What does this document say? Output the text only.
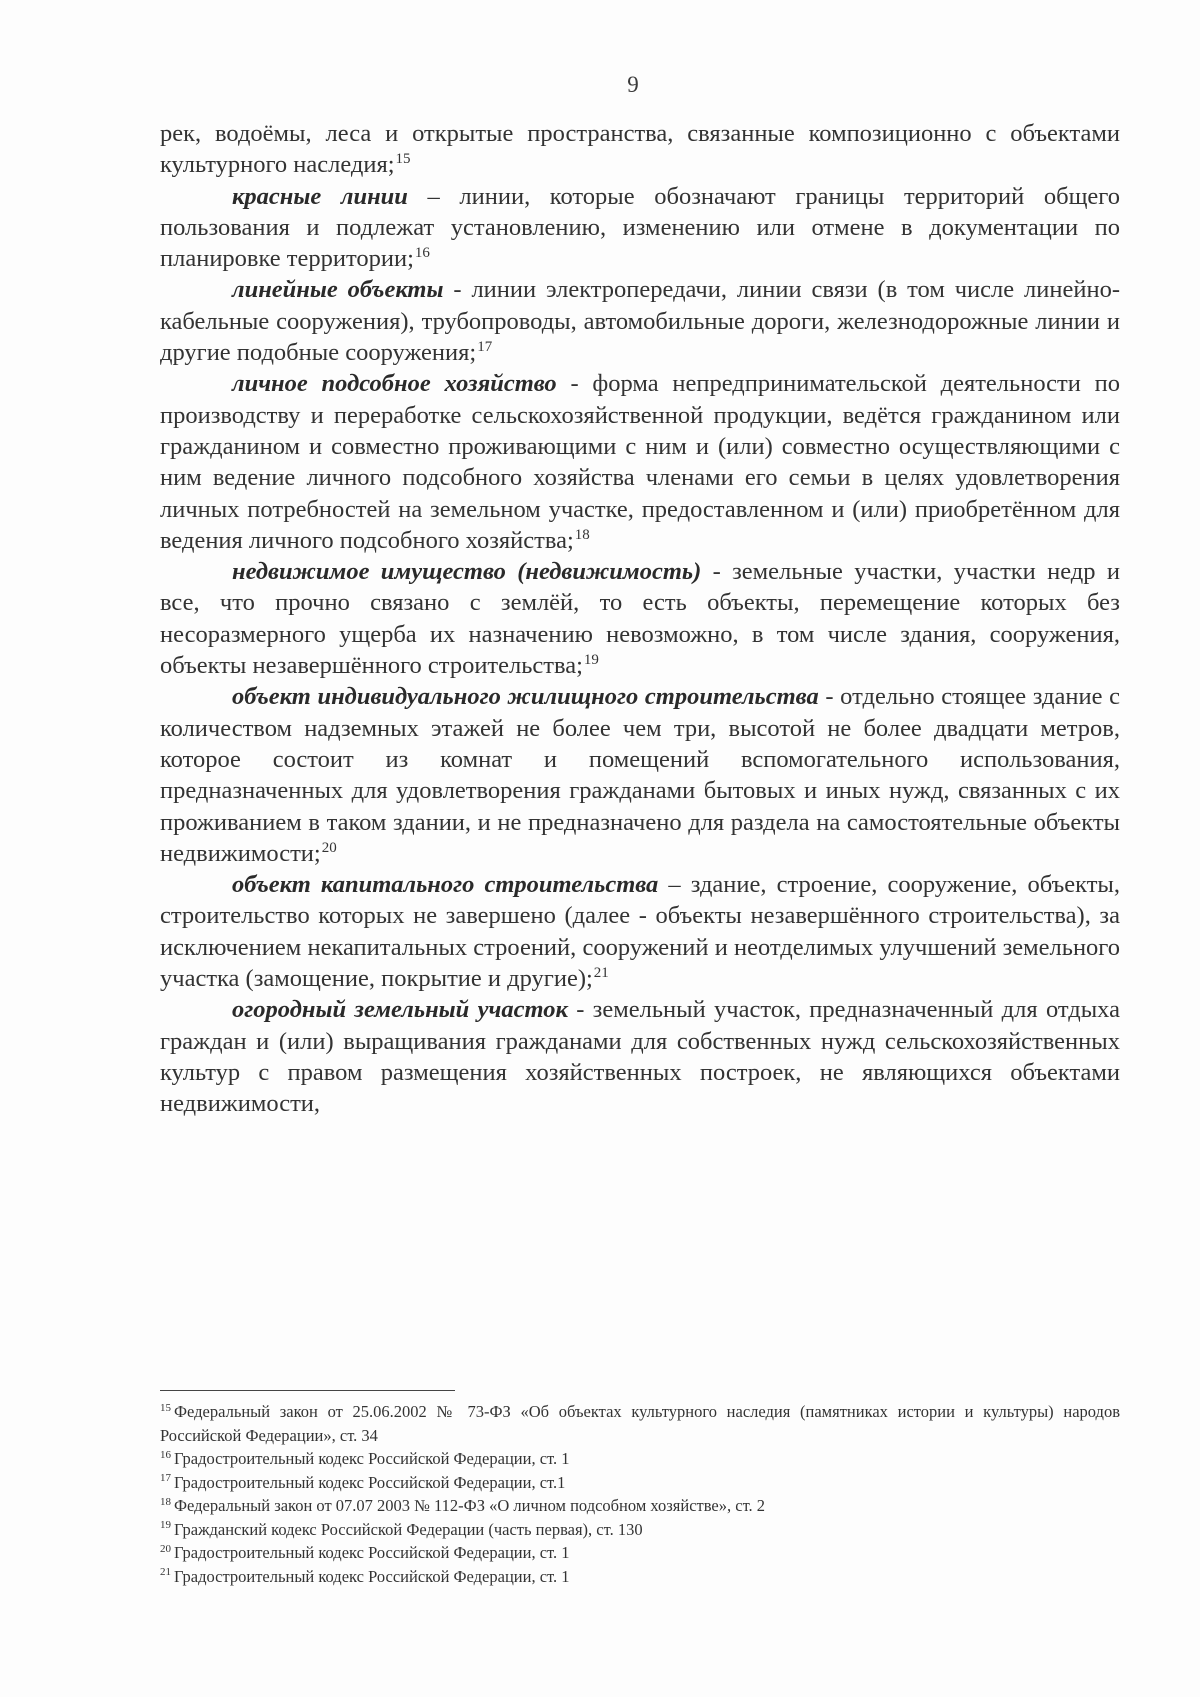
9

рек, водоёмы, леса и открытые пространства, связанные композиционно с объектами культурного наследия;$^{15}$

красные линии – линии, которые обозначают границы территорий общего пользования и подлежат установлению, изменению или отмене в документации по планировке территории;$^{16}$

линейные объекты - линии электропередачи, линии связи (в том числе линейно-кабельные сооружения), трубопроводы, автомобильные дороги, железнодорожные линии и другие подобные сооружения;$^{17}$

личное подсобное хозяйство - форма непредпринимательской деятельности по производству и переработке сельскохозяйственной продукции, ведётся гражданином или гражданином и совместно проживающими с ним и (или) совместно осуществляющими с ним ведение личного подсобного хозяйства членами его семьи в целях удовлетворения личных потребностей на земельном участке, предоставленном и (или) приобретённом для ведения личного подсобного хозяйства;$^{18}$

недвижимое имущество (недвижимость) - земельные участки, участки недр и все, что прочно связано с землёй, то есть объекты, перемещение которых без несоразмерного ущерба их назначению невозможно, в том числе здания, сооружения, объекты незавершённого строительства;$^{19}$

объект индивидуального жилищного строительства - отдельно стоящее здание с количеством надземных этажей не более чем три, высотой не более двадцати метров, которое состоит из комнат и помещений вспомогательного использования, предназначенных для удовлетворения гражданами бытовых и иных нужд, связанных с их проживанием в таком здании, и не предназначено для раздела на самостоятельные объекты недвижимости;$^{20}$

объект капитального строительства – здание, строение, сооружение, объекты, строительство которых не завершено (далее - объекты незавершённого строительства), за исключением некапитальных строений, сооружений и неотделимых улучшений земельного участка (замощение, покрытие и другие);$^{21}$

огородный земельный участок - земельный участок, предназначенный для отдыха граждан и (или) выращивания гражданами для собственных нужд сельскохозяйственных культур с правом размещения хозяйственных построек, не являющихся объектами недвижимости,

$^{15}$ Федеральный закон от 25.06.2002 № 73-ФЗ «Об объектах культурного наследия (памятниках истории и культуры) народов Российской Федерации», ст. 34

$^{16}$ Градостроительный кодекс Российской Федерации, ст. 1

$^{17}$ Градостроительный кодекс Российской Федерации, ст.1

$^{18}$ Федеральный закон от 07.07 2003 № 112-ФЗ «О личном подсобном хозяйстве», ст. 2

$^{19}$ Гражданский кодекс Российской Федерации (часть первая), ст. 130

$^{20}$ Градостроительный кодекс Российской Федерации, ст. 1

$^{21}$ Градостроительный кодекс Российской Федерации, ст. 1
